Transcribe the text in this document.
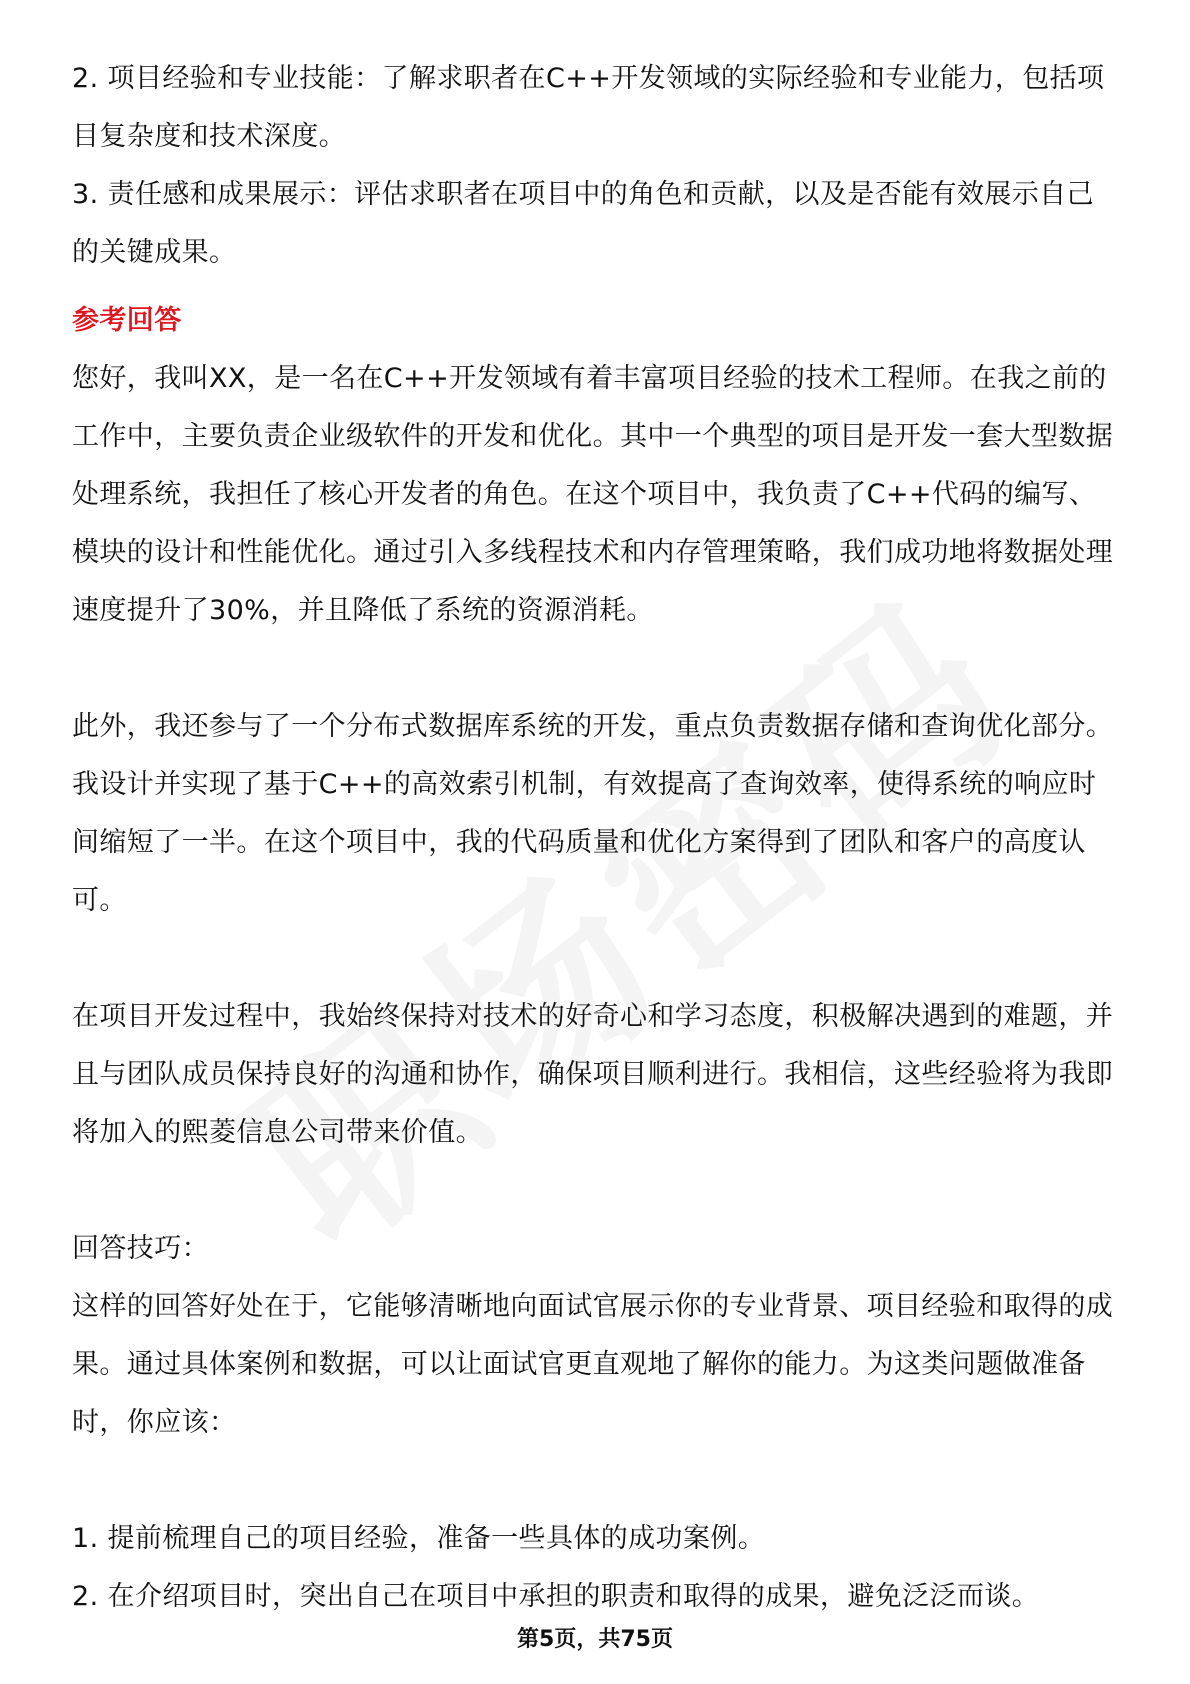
2. 项目经验和专业技能：了解求职者在C++开发领域的实际经验和专业能力，包括项目复杂度和技术深度。

3. 责任感和成果展示：评估求职者在项目中的角色和贡献，以及是否能有效展示自己的关键成果。

参考回答

您好，我叫XX，是一名在C++开发领域有着丰富项目经验的技术工程师。在我之前的工作中，主要负责企业级软件的开发和优化。其中一个典型的项目是开发一套大型数据处理系统，我担任了核心开发者的角色。在这个项目中，我负责了C++代码的编写、模块的设计和性能优化。通过引入多线程技术和内存管理策略，我们成功地将数据处理速度提升了30%，并且降低了系统的资源消耗。

此外，我还参与了一个分布式数据库系统的开发，重点负责数据存储和查询优化部分。我设计并实现了基于C++的高效索引机制，有效提高了查询效率，使得系统的响应时间缩短了一半。在这个项目中，我的代码质量和优化方案得到了团队和客户的高度认可。

在项目开发过程中，我始终保持对技术的好奇心和学习态度，积极解决遇到的难题，并且与团队成员保持良好的沟通和协作，确保项目顺利进行。我相信，这些经验将为我即将加入的熙菱信息公司带来价值。

回答技巧：

这样的回答好处在于，它能够清晰地向面试官展示你的专业背景、项目经验和取得的成果。通过具体案例和数据，可以让面试官更直观地了解你的能力。为这类问题做准备时，你应该：

1. 提前梳理自己的项目经验，准备一些具体的成功案例。

2. 在介绍项目时，突出自己在项目中承担的职责和取得的成果，避免泛泛而谈。

第5页，共75页
